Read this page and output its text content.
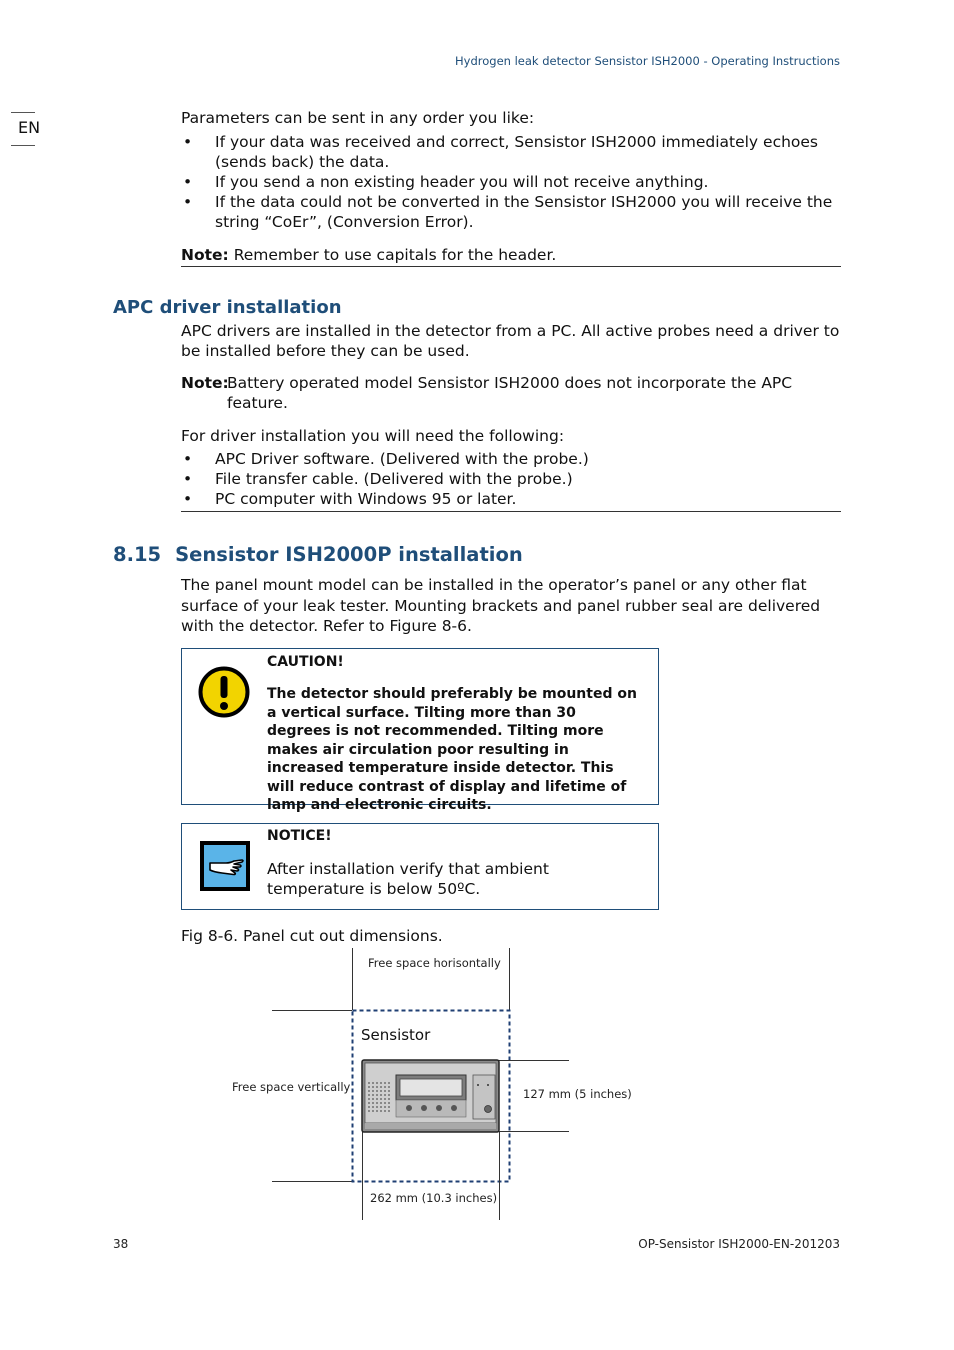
Hydrogen leak detector Sensistor ISH2000 - Operating Instructions
EN	Parameters can be sent in any order you like:
• If your data was received and correct, Sensistor ISH2000 immediately echoes (sends back) the data.
• If you send a non existing header you will not receive anything.
• If the data could not be converted in the Sensistor ISH2000 you will receive the string “CoEr”, (Conversion Error).
Note: Remember to use capitals for the header.
APC driver installation
APC drivers are installed in the detector from a PC. All active probes need a driver to be installed before they can be used.
Note:
Battery operated model Sensistor ISH2000 does not incorporate the APC feature.
For driver installation you will need the following:
• APC Driver software. (Delivered with the probe.)
• File transfer cable. (Delivered with the probe.)
• PC computer with Windows 95 or later.
8.15 Sensistor ISH2000P installation
The panel mount model can be installed in the operator’s panel or any other flat surface of your leak tester. Mounting brackets and panel rubber seal are delivered with the detector. Refer to Figure 8-6.
CAUTION!
The detector should preferably be mounted on a vertical surface. Tilting more than 30 degrees is not recommended. Tilting more makes air circulation poor resulting in increased temperature inside detector. This will reduce contrast of display and lifetime of lamp and electronic circuits.
NOTICE!
After installation verify that ambient temperature is below 50ºC.
Fig 8-6. Panel cut out dimensions.
Free space horisontally
Sensistor
Free space vertically	127 mm (5 inches)
262 mm (10.3 inches)
38	OP-Sensistor ISH2000-EN-201203
